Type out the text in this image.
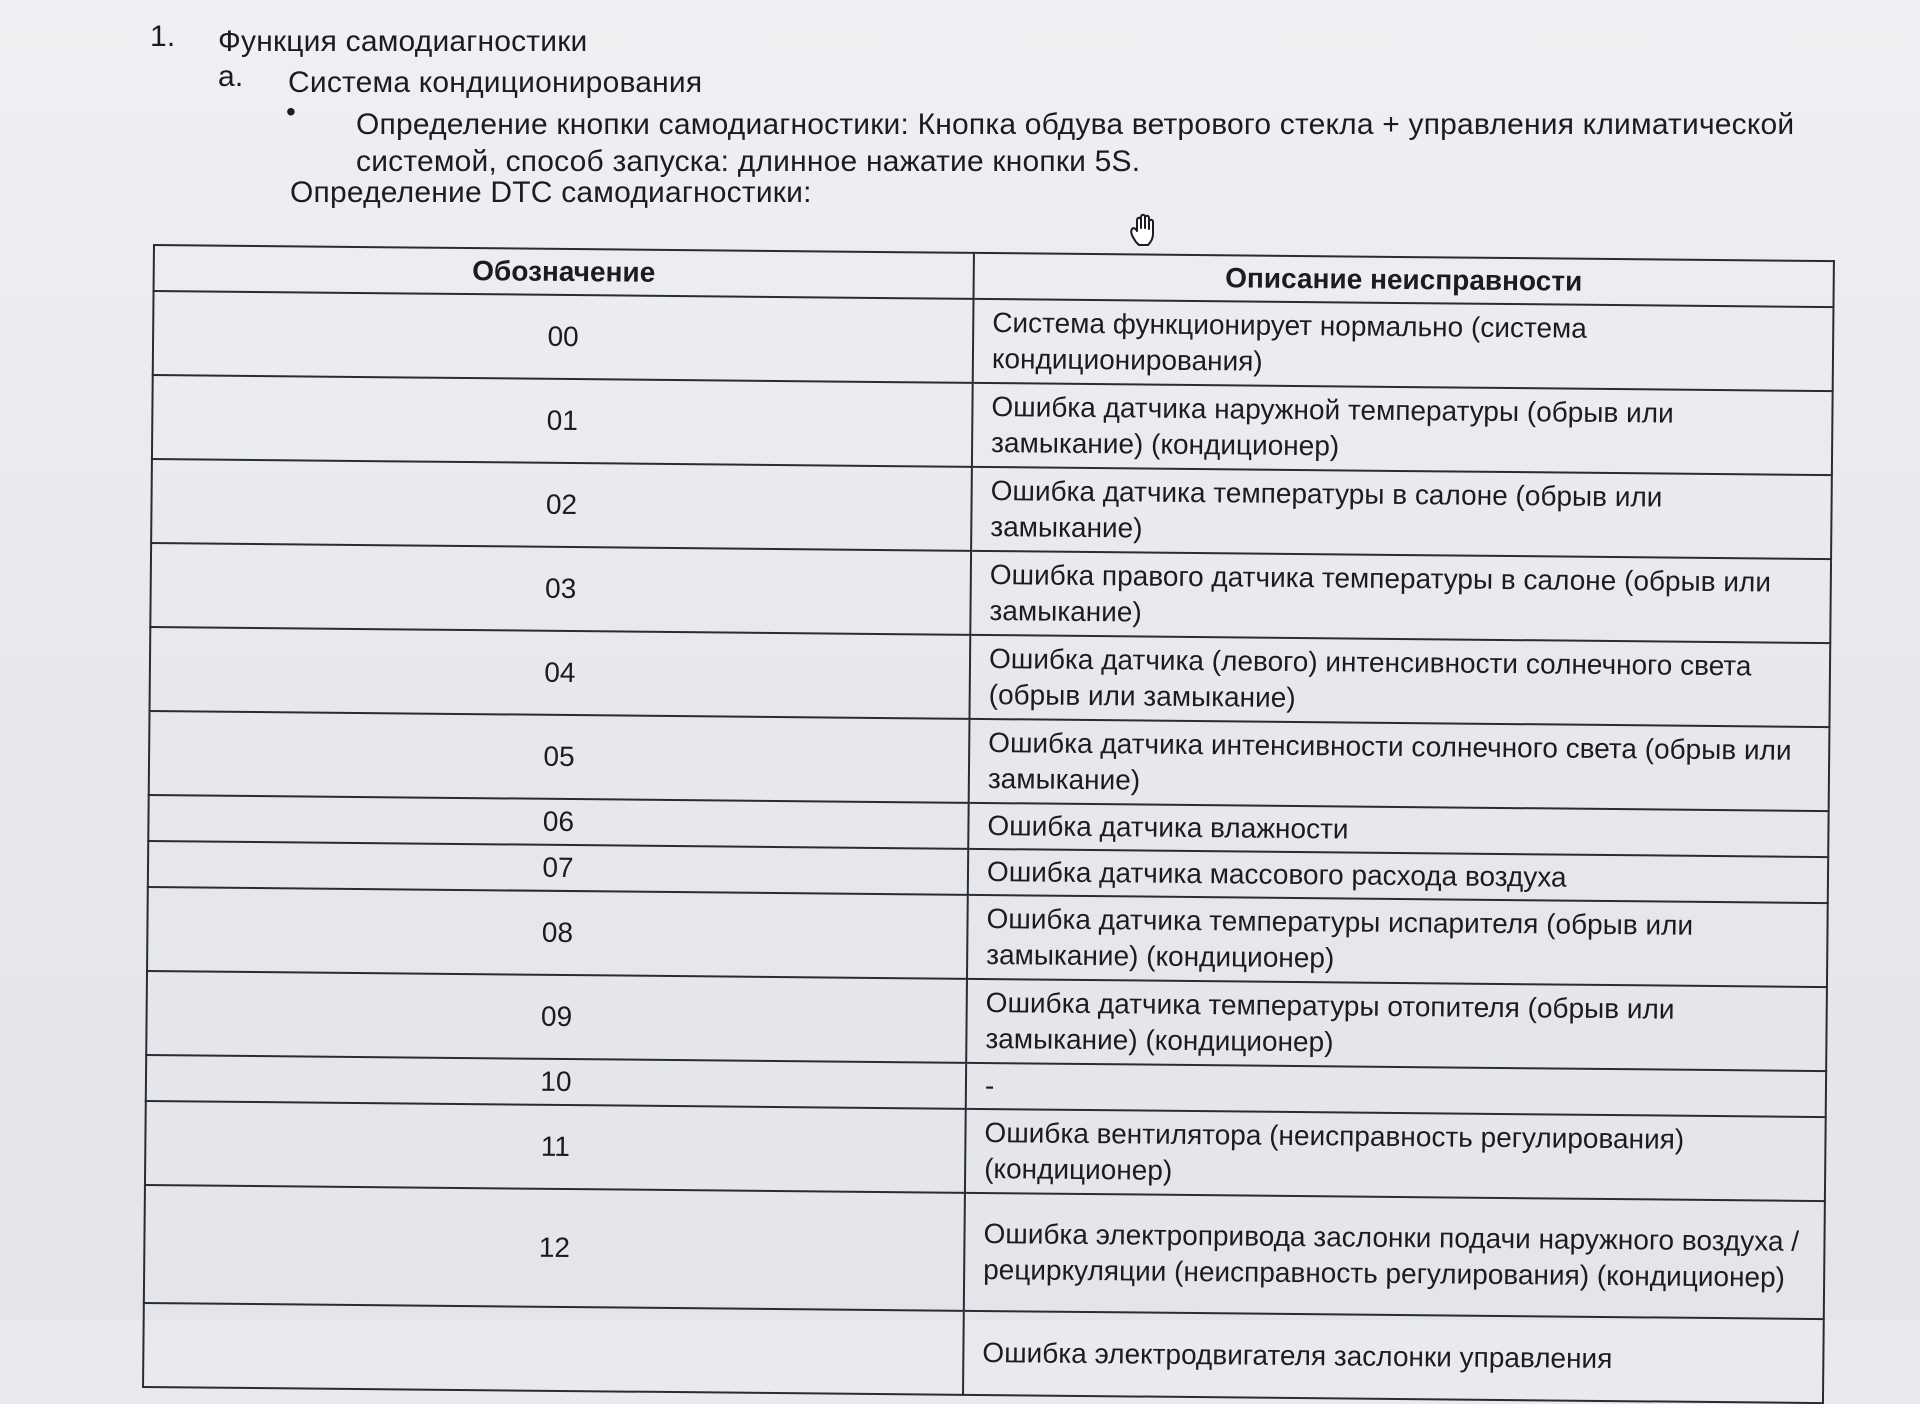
1. Функция самодиагностики
a. Система кондиционирования
• Определение кнопки самодиагностики: Кнопка обдува ветрового стекла + управления климатической
системой, способ запуска: длинное нажатие кнопки 5S.
Определение DTC самодиагностики:
Обозначение	Описание неисправности
00	Система функционирует нормально (система кондиционирования)
01	Ошибка датчика наружной температуры (обрыв или замыкание) (кондиционер)
02	Ошибка датчика температуры в салоне (обрыв или замыкание)
03	Ошибка правого датчика температуры в салоне (обрыв или замыкание)
04	Ошибка датчика (левого) интенсивности солнечного света (обрыв или замыкание)
05	Ошибка датчика интенсивности солнечного света (обрыв или замыкание)
06	Ошибка датчика влажности
07	Ошибка датчика массового расхода воздуха
08	Ошибка датчика температуры испарителя (обрыв или замыкание) (кондиционер)
09	Ошибка датчика температуры отопителя (обрыв или замыкание) (кондиционер)
10	-
11	Ошибка вентилятора (неисправность регулирования) (кондиционер)
12	Ошибка электропривода заслонки подачи наружного воздуха / рециркуляции (неисправность регулирования) (кондиционер)
	Ошибка электродвигателя заслонки управления
